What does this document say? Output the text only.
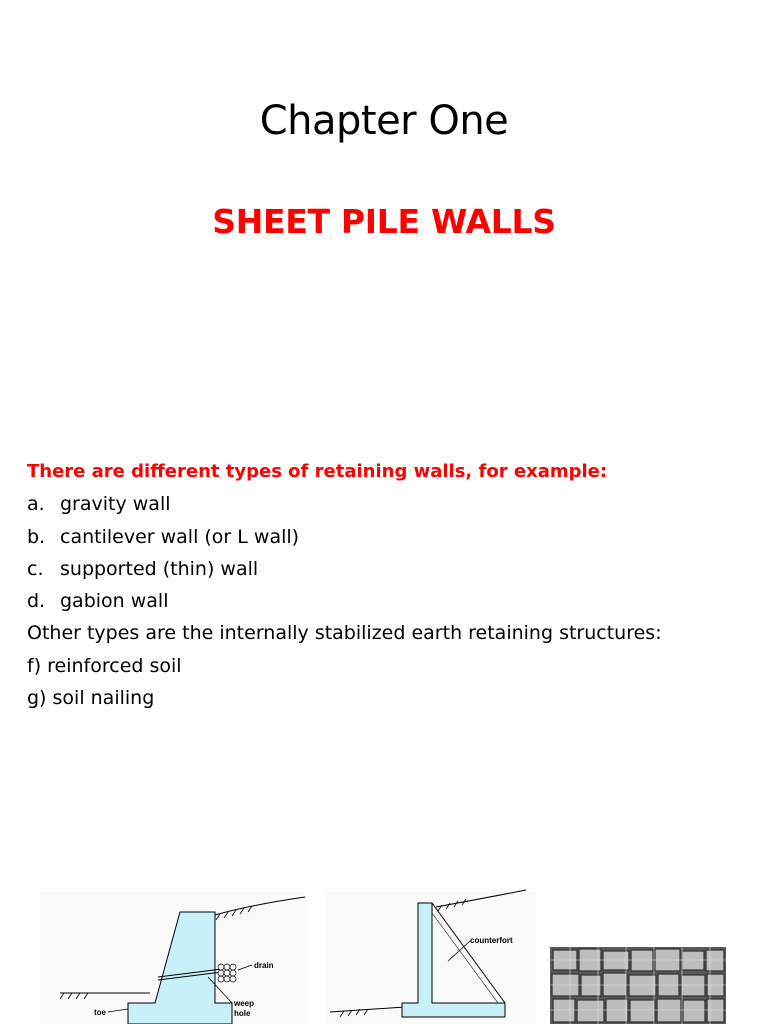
Chapter One
SHEET PILE WALLS
There are different types of retaining walls, for example:
a. gravity wall
b. cantilever wall (or L wall)
c. supported (thin) wall
d. gabion wall
Other types are the internally stabilized earth retaining structures:
f) reinforced soil
g) soil nailing
drain
weep
hole
toe
counterfort
